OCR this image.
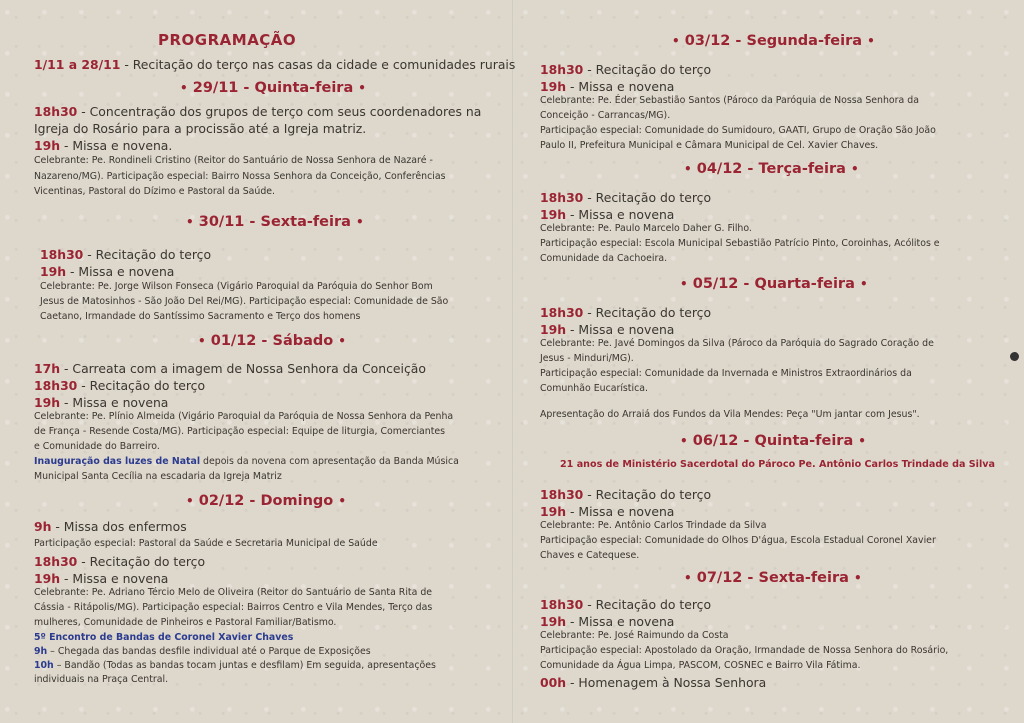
PROGRAMAÇÃO
1/11 a 28/11 - Recitação do terço nas casas da cidade e comunidades rurais
• 29/11 - Quinta-feira •
18h30 - Concentração dos grupos de terço com seus coordenadores na
Igreja do Rosário para a procissão até a Igreja matriz.
19h - Missa e novena.
Celebrante: Pe. Rondineli Cristino (Reitor do Santuário de Nossa Senhora de Nazaré -
Nazareno/MG). Participação especial: Bairro Nossa Senhora da Conceição, Conferências
Vicentinas, Pastoral do Dízimo e Pastoral da Saúde.
• 30/11 - Sexta-feira •
18h30 - Recitação do terço
19h - Missa e novena
Celebrante: Pe. Jorge Wilson Fonseca (Vigário Paroquial da Paróquia do Senhor Bom
Jesus de Matosinhos - São João Del Rei/MG). Participação especial: Comunidade de São
Caetano, Irmandade do Santíssimo Sacramento e Terço dos homens
• 01/12 - Sábado •
17h - Carreata com a imagem de Nossa Senhora da Conceição
18h30 - Recitação do terço
19h - Missa e novena
Celebrante: Pe. Plínio Almeida (Vigário Paroquial da Paróquia de Nossa Senhora da Penha
de França - Resende Costa/MG). Participação especial: Equipe de liturgia, Comerciantes
e Comunidade do Barreiro.
Inauguração das luzes de Natal depois da novena com apresentação da Banda Música
Municipal Santa Cecília na escadaria da Igreja Matriz
• 02/12 - Domingo •
9h - Missa dos enfermos
Participação especial: Pastoral da Saúde e Secretaria Municipal de Saúde
18h30 - Recitação do terço
19h - Missa e novena
Celebrante: Pe. Adriano Tércio Melo de Oliveira (Reitor do Santuário de Santa Rita de
Cássia - Ritápolis/MG). Participação especial: Bairros Centro e Vila Mendes, Terço das
mulheres, Comunidade de Pinheiros e Pastoral Familiar/Batismo.
5º Encontro de Bandas de Coronel Xavier Chaves
9h – Chegada das bandas desfile individual até o Parque de Exposições
10h – Bandão (Todas as bandas tocam juntas e desfilam) Em seguida, apresentações
individuais na Praça Central.
• 03/12 - Segunda-feira •
18h30 - Recitação do terço
19h - Missa e novena
Celebrante: Pe. Éder Sebastião Santos (Pároco da Paróquia de Nossa Senhora da
Conceição - Carrancas/MG).
Participação especial: Comunidade do Sumidouro, GAATI, Grupo de Oração São João
Paulo II, Prefeitura Municipal e Câmara Municipal de Cel. Xavier Chaves.
• 04/12 - Terça-feira •
18h30 - Recitação do terço
19h - Missa e novena
Celebrante: Pe. Paulo Marcelo Daher G. Filho.
Participação especial: Escola Municipal Sebastião Patrício Pinto, Coroinhas, Acólitos e
Comunidade da Cachoeira.
• 05/12 - Quarta-feira •
18h30 - Recitação do terço
19h - Missa e novena
Celebrante: Pe. Javé Domingos da Silva (Pároco da Paróquia do Sagrado Coração de
Jesus - Minduri/MG).
Participação especial: Comunidade da Invernada e Ministros Extraordinários da
Comunhão Eucarística.
Apresentação do Arraiá dos Fundos da Vila Mendes: Peça "Um jantar com Jesus".
• 06/12 - Quinta-feira •
21 anos de Ministério Sacerdotal do Pároco Pe. Antônio Carlos Trindade da Silva
18h30 - Recitação do terço
19h - Missa e novena
Celebrante: Pe. Antônio Carlos Trindade da Silva
Participação especial: Comunidade do Olhos D'água, Escola Estadual Coronel Xavier
Chaves e Catequese.
• 07/12 - Sexta-feira •
18h30 - Recitação do terço
19h - Missa e novena
Celebrante: Pe. José Raimundo da Costa
Participação especial: Apostolado da Oração, Irmandade de Nossa Senhora do Rosário,
Comunidade da Água Limpa, PASCOM, COSNEC e Bairro Vila Fátima.
00h - Homenagem à Nossa Senhora
